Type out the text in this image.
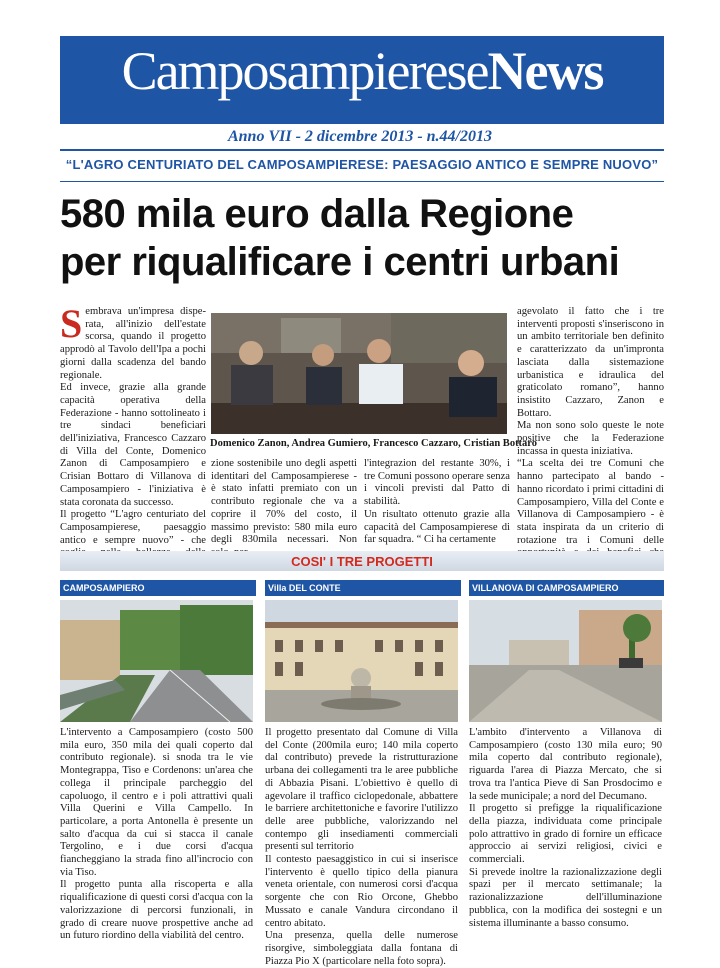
CamposampiereseNews
Anno VII - 2 dicembre 2013 - n.44/2013
“L'AGRO CENTURIATO DEL CAMPOSAMPIERESE: PAESAGGIO ANTICO E SEMPRE NUOVO”
580 mila euro dalla Regione
per riqualificare i centri urbani
S embrava un'impresa dispe-rata, all'inizio dell'estate scorsa, quando il progetto approdò al Tavolo dell'Ipa a pochi giorni dalla scadenza del bando regionale.

Ed invece, grazie alla grande capacità operativa della Federazione - hanno sottolineato i tre sindaci beneficiari dell'iniziativa, Francesco Cazzaro di Villa del Conte, Domenico Zanon di Camposampiero e Crisian Bottaro di Villanova di Camposampiero - l'iniziativa è stata coronata da successo.

Il progetto “L'agro centuriato del Camposampierese, paesaggio antico e sempre nuovo” - che

Domenico Zanon, Andrea Gumiero, Francesco Cazzaro, Cristian Bottaro

zione sostenibile uno degli aspetti identitari del Camposampierese - è stato infatti premiato con un contributo regionale che va a coprire il 70% del costo, il massimo previsto: 580 mila euro degli 830mila necessari. Non

l'integrazion del restante 30%, i tre Comuni possono operare senza i vincoli previsti dal Patto di stabilità.

Un risultato ottenuto grazie alla capacità del Camposampierese di far squadra. “ Ci ha certamente

agevolato il fatto che i tre interventi proposti s'inseriscono in un ambito territoriale ben definito e caratterizzato da un'impronta lasciata dalla sistemazione urbanistica e idraulica del graticolato romano”, hanno insistito Cazzaro, Zanon e Bottaro.

Ma non sono solo queste le note positive che la Federazione incassa in questa iniziativa.

“La scelta dei tre Comuni che hanno partecipato al bando - hanno ricordato i primi cittadini di Camposampiero, Villa del Conte e Villanova di Camposampiero - è stata inspirata da un criterio di rotazione tra i Comuni delle

COSI' I TRE PROGETTI
CAMPOSAMPIERO	Villa DEL CONTE	VILLANOVA DI CAMPOSAMPIERO

L'intervento a Camposampiero (costo 500 mila euro, 350 mila dei quali coperto dal contributo regionale). si snoda tra le vie Montegrappa, Tiso e Cordenons: un'area che collega il principale parcheggio del capoluogo, il centro e i poli attrattivi quali Villa Querini e Villa Campello. In particolare, a porta Antonella è presente un salto d'acqua da cui si stacca il canale Tergolino, e i due corsi d'acqua fiancheggiano la strada fino all'incrocio con via Tiso.

Il progetto punta alla riscoperta e alla riqualificazione di questi corsi d'acqua con la valorizzazione di percorsi funzionali, in grado di creare nuove prospettive anche ad un futuro riordino della viabilità del centro.

Il progetto presentato dal Comune di Villa del Conte (200mila euro; 140 mila coperto dal contributo) prevede la ristrutturazione urbana dei collegamenti tra le aree pubbliche di Abbazia Pisani. L'obiettivo è quello di agevolare il traffico ciclopedonale, abbattere le barriere architettoniche e favorire l'utilizzo delle aree pubbliche, valorizzando nel contempo gli insediamenti commerciali presenti sul territorio

Il contesto paesaggistico in cui si inserisce l'intervento è quello tipico della pianura veneta orientale, con numerosi corsi d'acqua sorgente che con Rio Orcone, Ghebbo Mussato e canale Vandura circondano il centro abitato.

Una presenza, quella delle numerose risorgive, simboleggiata dalla fontana di Piazza Pio X (particolare nella foto sopra).

L'ambito d'intervento a Villanova di Camposampiero (costo 130 mila euro; 90 mila coperto dal contributo regionale), riguarda l'area di Piazza Mercato, che si trova tra l'antica Pieve di San Prosdocimo e la sede municipale; a nord del Decumano.

Il progetto si prefigge la riqualificazione della piazza, individuata come principale polo attrattivo in grado di fornire un efficace approccio ai servizi religiosi, civici e commerciali.

Si prevede inoltre la razionalizzazione degli spazi per il mercato settimanale; la razionalizzazione dell'illuminazione pubblica, con la modifica dei sostegni e un sistema illuminante a basso consumo.
